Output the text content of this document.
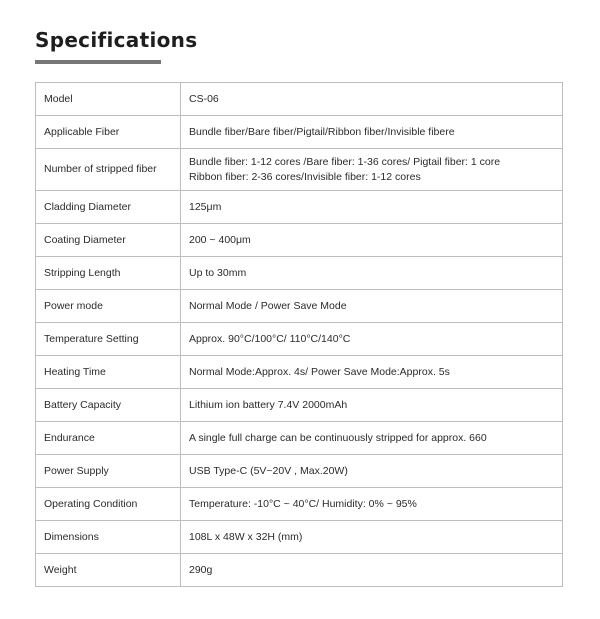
Specifications
Model	CS-06

Applicable Fiber	Bundle fiber/Bare fiber/Pigtail/Ribbon fiber/Invisible fibere

Number of stripped fiber	Bundle fiber: 1-12 cores /Bare fiber: 1-36 cores/ Pigtail fiber: 1 core
Ribbon fiber: 2-36 cores/Invisible fiber: 1-12 cores

Cladding Diameter	125μm

Coating Diameter	200 ~ 400μm

Stripping Length	Up to 30mm

Power mode	Normal Mode / Power Save Mode

Temperature Setting	Approx. 90°C/100°C/ 110°C/140°C

Heating Time	Normal Mode:Approx. 4s/ Power Save Mode:Approx. 5s

Battery Capacity	Lithium ion battery 7.4V 2000mAh

Endurance	A single full charge can be continuously stripped for approx. 660

Power Supply	USB Type-C (5V~20V , Max.20W)

Operating Condition	Temperature: -10°C ~ 40°C/ Humidity: 0% ~ 95%

Dimensions	108L x 48W x 32H (mm)

Weight	290g
